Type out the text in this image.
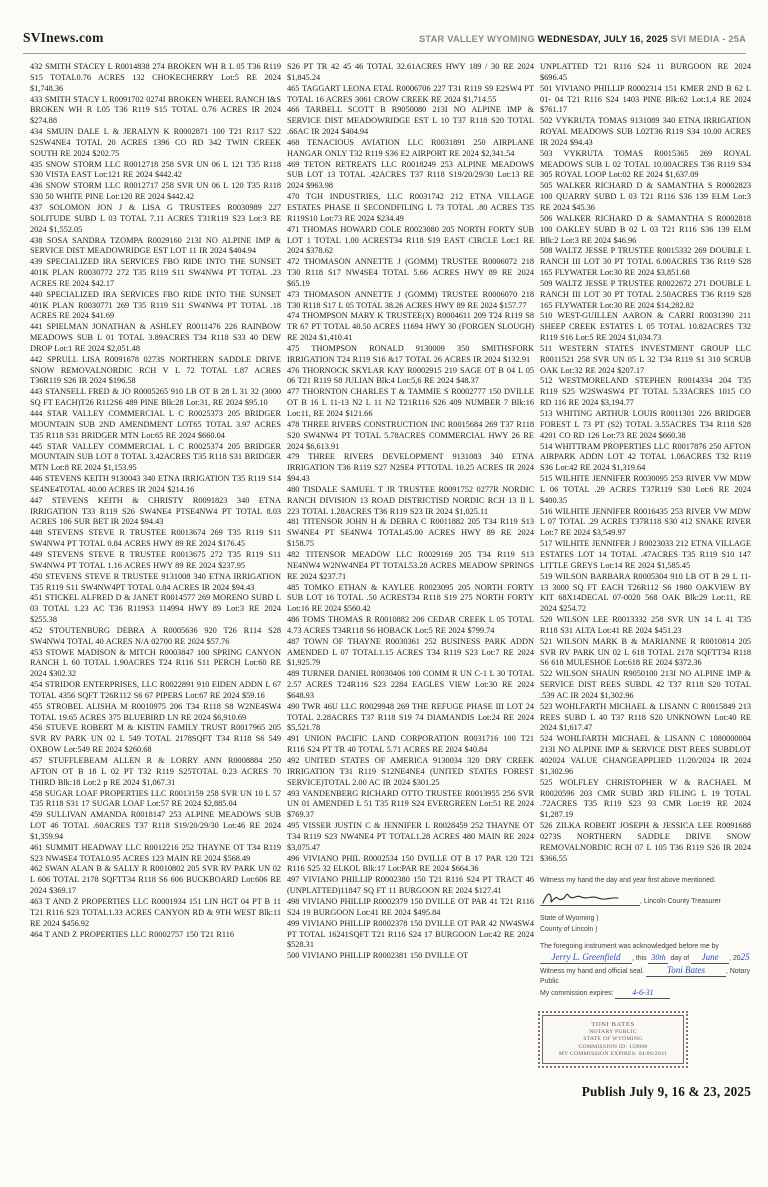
SVInews.com	STAR VALLEY WYOMING WEDNESDAY, JULY 16, 2025 SVI MEDIA - 25A

432 SMITH STACEY L R0014838 274 BROKEN WH R L 05 T36 R119 S15 TOTAL0.76 ACRES 132 CHOKECHERRY Lot:5 RE 2024 $1,748.36

433 SMITH STACY L R0091702 0274I BROKEN WHEEL RANCH I&S BROKEN WH R L05 T36 R119 S15 TOTAL 0.76 ACRES IR 2024 $274.88

434 SMUIN DALE L & JERALYN K R0002871 100 T21 R117 S22 S2SW4NE4 TOTAL 20 ACRES 1396 CO RD 342 TWIN CREEK SOUTH RE 2024 $202.75

435 SNOW STORM LLC R0012718 258 SVR UN 06 L 121 T35 R118 S30 VISTA EAST Lot:121 RE 2024 $442.42

436 SNOW STORM LLC R0012717 258 SVR UN 06 L 120 T35 R118 S30 50 WHITE PINE Lot:120 RE 2024 $442.42

437 SOLOMON JON J & LISA G TRUSTEES R0030989 227 SOLITUDE SUBD L 03 TOTAL 7.11 ACRES T31R119 S23 Lot:3 RE 2024 $1,552.05

438 SOSA SANDRA TZOMPA R0029160 213I NO ALPINE IMP & SERVICE DIST MEADOWRIDGE EST LOT 11 IR 2024 $404.94

439 SPECIALIZED IRA SERVICES FBO RIDE INTO THE SUNSET 401K PLAN R0030772 272 T35 R119 S11 SW4NW4 PT TOTAL .23 ACRES RE 2024 $42.17

440 SPECIALIZED IRA SERVICES FBO RIDE INTO THE SUNSET 401K PLAN R0030771 269 T35 R119 S11 SW4NW4 PT TOTAL .18 ACRES RE 2024 $41.69

441 SPIELMAN JONATHAN & ASHLEY R0011476 226 RAINBOW MEADOWS SUB L 01 TOTAL 3.89ACRES T34 R118 S33 40 DEW DROP Lot:1 RE 2024 $2,051.48

442 SPRULL LISA R0091678 0273S NORTHERN SADDLE DRIVE SNOW REMOVALNORDIC RCH V L 72 TOTAL 1.87 ACRES T36R119 S26 IR 2024 $196.58

443 STANSELL FRED & JO R0005265 910 LB OT B 28 L 31 32 (3000 SQ FT EACH)T26 R112S6 489 PINE Blk:28 Lot:31, RE 2024 $95.10

444 STAR VALLEY COMMERCIAL L C R0025373 205 BRIDGER MOUNTAIN SUB 2ND AMENDMENT LOT65 TOTAL 3.97 ACRES T35 R118 S31 BRIDGER MTN Lot:65 RE 2024 $660.04

445 STAR VALLEY COMMERCIAL L C R0025374 205 BRIDGER MOUNTAIN SUB LOT 8 TOTAL 3.42ACRES T35 R118 S31 BRIDGER MTN Lot:8 RE 2024 $1,153.95

446 STEVENS KEITH 9130043 340 ETNA IRRIGATION T35 R119 S14 SE4NE4TOTAL 40.00 ACRES IR 2024 $214.16

447 STEVENS KEITH & CHRISTY R0091823 340 ETNA IRRIGATION T33 R119 S26 SW4NE4 PTSE4NW4 PT TOTAL 8.03 ACRES 106 SUR BET IR 2024 $94.43

448 STEVENS STEVE R TRUSTEE R0013674 269 T35 R119 S11 SW4NW4 PT TOTAL 0.84 ACRES HWY 89 RE 2024 $176.45

449 STEVENS STEVE R TRUSTEE R0013675 272 T35 R119 S11 SW4NW4 PT TOTAL 1.16 ACRES HWY 89 RE 2024 $237.95

450 STEVENS STEVE R TRUSTEE 9131008 340 ETNA IRRIGATION T35 R119 S11 SW4NW4PT TOTAL 0.84 ACRES IR 2024 $94.43

451 STICKEL ALFRED D & JANET R0014577 269 MORENO SUBD L 03 TOTAL 1.23 AC T36 R119S3 114994 HWY 89 Lot:3 RE 2024 $255.38

452 STOUTENBURG DEBRA A R0005636 920 T26 R114 S28 SW4NW4 TOTAL 40 ACRES N/A 02700 RE 2024 $57.76

453 STOWE MADISON & MITCH R0003847 100 SPRING CANYON RANCH L 60 TOTAL 1.90ACRES T24 R116 S11 PERCH Lot:60 RE 2024 $302.32

454 STRIDOR ENTERPRISES, LLC R0022891 910 EIDEN ADDN L 67 TOTAL 4356 SQFT T26R112 S6 67 PIPERS Lot:67 RE 2024 $59.16

455 STROBEL ALISHA M R0010975 206 T34 R118 S8 W2NE4SW4 TOTAL 19.65 ACRES 375 BLUEBIRD LN RE 2024 $6,910.69

456 STUEVE ROBERT M & KISTIN FAMILY TRUST R0017965 205 SVR RV PARK UN 02 L 549 TOTAL 2178SQFT T34 R118 S6 549 OXBOW Lot:549 RE 2024 $260.68

457 STUFFLEBEAM ALLEN R & LORRY ANN R0008884 250 AFTON OT B 18 L 02 PT T32 R119 S25TOTAL 0.23 ACRES 70 THIRD Blk:18 Lot:2 p RE 2024 $1,067.31

458 SUGAR LOAF PROPERTIES LLC R0013159 258 SVR UN 10 L 57 T35 R118 S31 17 SUGAR LOAF Lot:57 RE 2024 $2,885.04

459 SULLIVAN AMANDA R0018147 253 ALPINE MEADOWS SUB LOT 46 TOTAL .60ACRES T37 R118 S19/20/29/30 Lot:46 RE 2024 $1,359.94

461 SUMMIT HEADWAY LLC R0012216 252 THAYNE OT T34 R119 S23 NW4SE4 TOTAL0.95 ACRES 123 MAIN RE 2024 $568.49

462 SWAN ALAN B & SALLY R R0010802 205 SVR RV PARK UN 02 L 606 TOTAL 2178 SQFTT34 R118 S6 606 BUCKBOARD Lot:606 RE 2024 $369.17

463 T AND Z PROPERTIES LLC R0001934 151 LIN HGT 04 PT B 11 T21 R116 S23 TOTAL1.33 ACRES CANYON RD & 9TH WEST Blk:11 RE 2024 $456.92

464 T AND Z PROPERTIES LLC R0002757 150 T21 R116

S26 PT TR 42 45 46 TOTAL 32.61ACRES HWY 189 / 30 RE 2024 $1,845.24

465 TAGGART LEONA ETAL R0006706 227 T31 R119 S9 E2SW4 PT TOTAL 16 ACRES 3061 CROW CREEK RE 2024 $1,714.55

466 TARBELL SCOTT B R9050080 213I NO ALPINE IMP & SERVICE DIST MEADOWRIDGE EST L 10 T37 R118 S20 TOTAL .66AC IR 2024 $404.94

468 TENACIOUS AVIATION LLC R0031891 250 AIRPLANE HANGAR ONLY T32 R119 S36 E2 AIRPORT RE 2024 $2,341.54

469 TETON RETREATS LLC R0018249 253 ALPINE MEADOWS SUB LOT 13 TOTAL .42ACRES T37 R118 S19/20/29/30 Lot:13 RE 2024 $963.98

470 TGH INDUSTRIES, LLC R0031742 212 ETNA VILLAGE ESTATES PHASE II SECONDFILING L 73 TOTAL .80 ACRES T35 R119S10 Lot:73 RE 2024 $234.49

471 THOMAS HOWARD COLE R0023080 205 NORTH FORTY SUB LOT 1 TOTAL 1.00 ACREST34 R118 S19 EAST CIRCLE Lot:1 RE 2024 $378.62

472 THOMASON ANNETTE J (GOMM) TRUSTEE R0006072 218 T30 R118 S17 NW4SE4 TOTAL 5.66 ACRES HWY 89 RE 2024 $65.19

473 THOMASON ANNETTE J (GOMM) TRUSTEE R0006070 218 T30 R118 S17 L 05 TOTAL 38.26 ACRES HWY 89 RE 2024 $157.77

474 THOMPSON MARY K TRUSTEE(X) R0004611 209 T24 R119 S8 TR 67 PT TOTAL 40.50 ACRES 11694 HWY 30 (FORGEN SLOUGH) RE 2024 $1,410.41

475 THOMPSON RONALD 9130009 350 SMITHSFORK IRRIGATION T24 R119 S16 &17 TOTAL 26 ACRES IR 2024 $132.91

476 THORNOCK SKYLAR KAY R0002915 219 SAGE OT B 04 L 05 06 T21 R119 S8 JULIAN Blk:4 Lot:5,6 RE 2024 $48.37

477 THORNTON CHARLES T & TAMMIE S R0002777 150 DVILLE OT B 16 L 11-13 N2 L 11 N2 T21R116 S26 409 NUMBER 7 Blk:16 Lot:11, RE 2024 $121.66

478 THREE RIVERS CONSTRUCTION INC R0015684 269 T37 R118 S20 SW4NW4 PT TOTAL 5.78ACRES COMMERCIAL HWY 26 RE 2024 $6,613.91

479 THREE RIVERS DEVELOPMENT 9131083 340 ETNA IRRIGATION T36 R119 S27 N2SE4 PTTOTAL 10.25 ACRES IR 2024 $94.43

480 TISDALE SAMUEL T JR TRUSTEE R0091752 0277R NORDIC RANCH DIVISION 13 ROAD DISTRICTISD NORDIC RCH 13 II L 223 TOTAL 1.28ACRES T36 R119 S23 IR 2024 $1,025.11

481 TITENSOR JOHN H & DEBRA C R0011882 205 T34 R119 S13 SW4NE4 PT SE4NW4 TOTAL45.00 ACRES HWY 89 RE 2024 $158.75

482 TITENSOR MEADOW LLC R0029169 205 T34 R119 S13 NE4NW4 W2NW4NE4 PT TOTAL53.28 ACRES MEADOW SPRINGS RE 2024 $237.71

485 TOMKO ETHAN & KAYLEE R0023095 205 NORTH FORTY SUB LOT 16 TOTAL .50 ACREST34 R118 S19 275 NORTH FORTY Lot:16 RE 2024 $560.42

486 TOMS THOMAS R R0010882 206 CEDAR CREEK L 05 TOTAL 4.73 ACRES T34R118 S6 HOBACK Lot:5 RE 2024 $799.74

487 TOWN OF THAYNE R0030361 252 BUSINESS PARK ADDN AMENDED L 07 TOTAL1.15 ACRES T34 R119 S23 Lot:7 RE 2024 $1,925.79

489 TURNER DANIEL R0030406 100 COMM R UN C-1 L 30 TOTAL 2.57 ACRES T24R116 S23 2284 EAGLES VIEW Lot:30 RE 2024 $648.93

490 TWR 46U LLC R0029948 269 THE REFUGE PHASE III LOT 24 TOTAL 2.28ACRES T37 R118 S19 74 DIAMANDIS Lot:24 RE 2024 $5,521.78

491 UNION PACIFIC LAND CORPORATION R0031716 100 T21 R116 S24 PT TR 40 TOTAL 5.71 ACRES RE 2024 $40.84

492 UNITED STATES OF AMERICA 9130034 320 DRY CREEK IRRIGATION T31 R119 S12NE4NE4 (UNITED STATES FOREST SERVICE)TOTAL 2.00 AC IR 2024 $301.25

493 VANDENBERG RICHARD OTTO TRUSTEE R0013955 256 SVR UN 01 AMENDED L 51 T35 R119 S24 EVERGREEN Lot:51 RE 2024 $769.37

495 VISSER JUSTIN C & JENNIFER L R0028459 252 THAYNE OT T34 R119 S23 NW4NE4 PT TOTAL1.28 ACRES 480 MAIN RE 2024 $3,075.47

496 VIVIANO PHIL R0002534 150 DVILLE OT B 17 PAR 120 T21 R116 S25 32 ELKOL Blk:17 Lot:PAR RE 2024 $664.36

497 VIVIANO PHILLIP R0002380 150 T21 R116 S24 PT TRACT 46 (UNPLATTED)11847 SQ FT 11 BURGOON RE 2024 $127.41

498 VIVIANO PHILLIP R0002379 150 DVILLE OT PAR 41 T21 R116 S24 19 BURGOON Lot:41 RE 2024 $495.84

499 VIVIANO PHILLIP R0002378 150 DVILLE OT PAR 42 NW4SW4 PT TOTAL 16241SQFT T21 R116 S24 17 BURGOON Lot:42 RE 2024 $528.31

500 VIVIANO PHILLIP R0002381 150 DVILLE OT

UNPLATTED T21 R116 S24 11 BURGOON RE 2024 $696.45

501 VIVIANO PHILLIP R0002314 151 KMER 2ND B 62 L 01- 04 T21 R116 S24 1403 PINE Blk:62 Lot:1,4 RE 2024 $761.17

502 VYKRUTA TOMAS 9131089 340 ETNA IRRIGATION ROYAL MEADOWS SUB L02T36 R119 S34 10.00 ACRES IR 2024 $94.43

503 VYKRUTA TOMAS R0015365 269 ROYAL MEADOWS SUB L 02 TOTAL 10.00ACRES T36 R119 S34 305 ROYAL LOOP Lot:02 RE 2024 $1,637.09

505 WALKER RICHARD D & SAMANTHA S R0002823 100 QUARRY SUBD L 03 T21 R116 S36 139 ELM Lot:3 RE 2024 $45.36

506 WALKER RICHARD D & SAMANTHA S R0002818 100 OAKLEY SUBD B 02 L 03 T21 R116 S36 139 ELM Blk:2 Lot:3 RE 2024 $46.96

508 WALTZ JESSE P TRUSTEE R0015332 269 DOUBLE L RANCH III LOT 30 PT TOTAL 6.00ACRES T36 R119 S28 165 FLYWATER Lot:30 RE 2024 $3,851.68

509 WALTZ JESSE P TRUSTEE R0022672 271 DOUBLE L RANCH III LOT 30 PT TOTAL 2.50ACRES T36 R119 S28 165 FLYWATER Lot:30 RE 2024 $14,282.82

510 WEST-GUILLEN AARON & CARRI R0031390 211 SHEEP CREEK ESTATES L 05 TOTAL 10.82ACRES T32 R119 S16 Lot:5 RE 2024 $1,034.73

511 WESTERN STATES INVESTMENT GROUP LLC R0011521 258 SVR UN 05 L 32 T34 R119 S1 310 SCRUB OAK Lot:32 RE 2024 $207.17

512 WESTMORELAND STEPHEN R0014334 204 T35 R119 S25 W2SW4SW4 PT TOTAL 5.33ACRES 1015 CO RD 116 RE 2024 $3,194.77

513 WHITING ARTHUR LOUIS R0011301 226 BRIDGER FOREST L 73 PT (S2) TOTAL 3.55ACRES T34 R118 S28 4201 CO RD 126 Lot:73 RE 2024 $660.38

514 WHITTRAM PROPERTIES LLC R0017876 250 AFTON AIRPARK ADDN LOT 42 TOTAL 1.06ACRES T32 R119 S36 Lot:42 RE 2024 $1,319.64

515 WILHITE JENNIFER R0030095 253 RIVER VW MDW L 06 TOTAL .29 ACRES T37R119 S30 Lot:6 RE 2024 $400.35

516 WILHITE JENNIFER R0016435 253 RIVER VW MDW L 07 TOTAL .29 ACRES T37R118 S30 412 SNAKE RIVER Lot:7 RE 2024 $3,549.97

517 WILHITE JENNIFER J R0023033 212 ETNA VILLAGE ESTATES LOT 14 TOTAL .47ACRES T35 R119 S10 147 LITTLE GREYS Lot:14 RE 2024 $1,585.45

519 WILSON BARBARA R0005304 910 LB OT B 29 L 11- 13 3000 SQ FT EACH T26R112 S6 1980 OAKVIEW BY KIT 68X14DECAL 07-0020 568 OAK Blk:29 Lot:11, RE 2024 $254.72

520 WILSON LEE R0013332 258 SVR UN 14 L 41 T35 R118 S31 ALTA Lot:41 RE 2024 $451.23

521 WILSON MARK B & MARIANNE R R0010814 205 SVR RV PARK UN 02 L 618 TOTAL 2178 SQFTT34 R118 S6 618 MULESHOE Lot:618 RE 2024 $372.36

522 WILSON SHAUN R9050100 213I NO ALPINE IMP & SERVICE DIST REES SUBDL 42 T37 R118 S20 TOTAL .539 AC IR 2024 $1,302.96

523 WOHLFARTH MICHAEL & LISANN C R0015849 213 REES SUBD L 40 T37 R118 S20 UNKNOWN Lot:40 RE 2024 $1,617.47

524 WOHLFARTH MICHAEL & LISANN C 1080000004 213I NO ALPINE IMP & SERVICE DIST REES SUBDLOT 402024 VALUE CHANGEAPPLIED 11/20/2024 IR 2024 $1,302.96

525 WOLFLEY CHRISTOPHER W & RACHAEL M R0020596 203 CMR SUBD 3RD FILING L 19 TOTAL .72ACRES T35 R119 S23 93 CMR Lot:19 RE 2024 $1,287.19

526 ZILKA ROBERT JOSEPH & JESSICA LEE R0091688 0273S NORTHERN SADDLE DRIVE SNOW REMOVALNORDIC RCH 07 L 105 T36 R119 S26 IR 2024 $366.55

Witness my hand the day and year first above mentioned.

, Lincoln County Treasurer

State of Wyoming )

County of Lincoln )

The foregoing instrument was acknowledged before me by

Jerry L. Greenfield , this 30th day of June , 2025

Witness my hand and official seal.	Toni Bates	, Notary Public

My commission expires: 4-6-31

TONI BATES
NOTARY PUBLIC
STATE OF WYOMING
COMMISSION ID: 159008
MY COMMISSION EXPIRES: 04/06/2031
Publish July 9, 16 & 23, 2025
